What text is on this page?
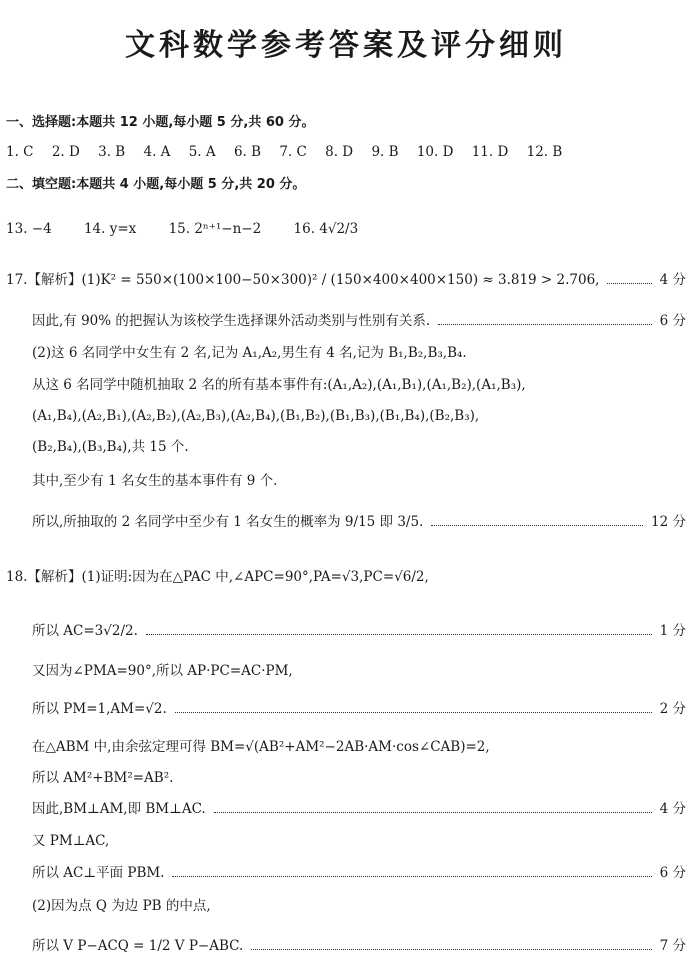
文科数学参考答案及评分细则
一、选择题:本题共 12 小题,每小题 5 分,共 60 分。
1. C 2. D 3. B 4. A 5. A 6. B 7. C 8. D 9. B 10. D 11. D 12. B
二、填空题:本题共 4 小题,每小题 5 分,共 20 分。
13. −4 14. y=x 15. 2ⁿ⁺¹−n−2 16. 4√2/3
17.【解析】(1)K² = 550×(100×100−50×300)² / (150×400×400×150) ≈ 3.819 > 2.706,	4 分
因此,有 90% 的把握认为该校学生选择课外活动类别与性别有关系.	6 分
(2)这 6 名同学中女生有 2 名,记为 A₁,A₂,男生有 4 名,记为 B₁,B₂,B₃,B₄.
从这 6 名同学中随机抽取 2 名的所有基本事件有:(A₁,A₂),(A₁,B₁),(A₁,B₂),(A₁,B₃),
(A₁,B₄),(A₂,B₁),(A₂,B₂),(A₂,B₃),(A₂,B₄),(B₁,B₂),(B₁,B₃),(B₁,B₄),(B₂,B₃),
(B₂,B₄),(B₃,B₄),共 15 个.
其中,至少有 1 名女生的基本事件有 9 个.
所以,所抽取的 2 名同学中至少有 1 名女生的概率为 9/15 即 3/5.	12 分
18.【解析】(1)证明:因为在△PAC 中,∠APC=90°,PA=√3,PC=√6/2,
所以 AC=3√2/2.	1 分
又因为∠PMA=90°,所以 AP·PC=AC·PM,
所以 PM=1,AM=√2.	2 分
在△ABM 中,由余弦定理可得 BM=√(AB²+AM²−2AB·AM·cos∠CAB)=2,
所以 AM²+BM²=AB².
因此,BM⊥AM,即 BM⊥AC.	4 分
又 PM⊥AC,
所以 AC⊥平面 PBM.	6 分
(2)因为点 Q 为边 PB 的中点,
所以 V P−ACQ = 1/2 V P−ABC.	7 分
